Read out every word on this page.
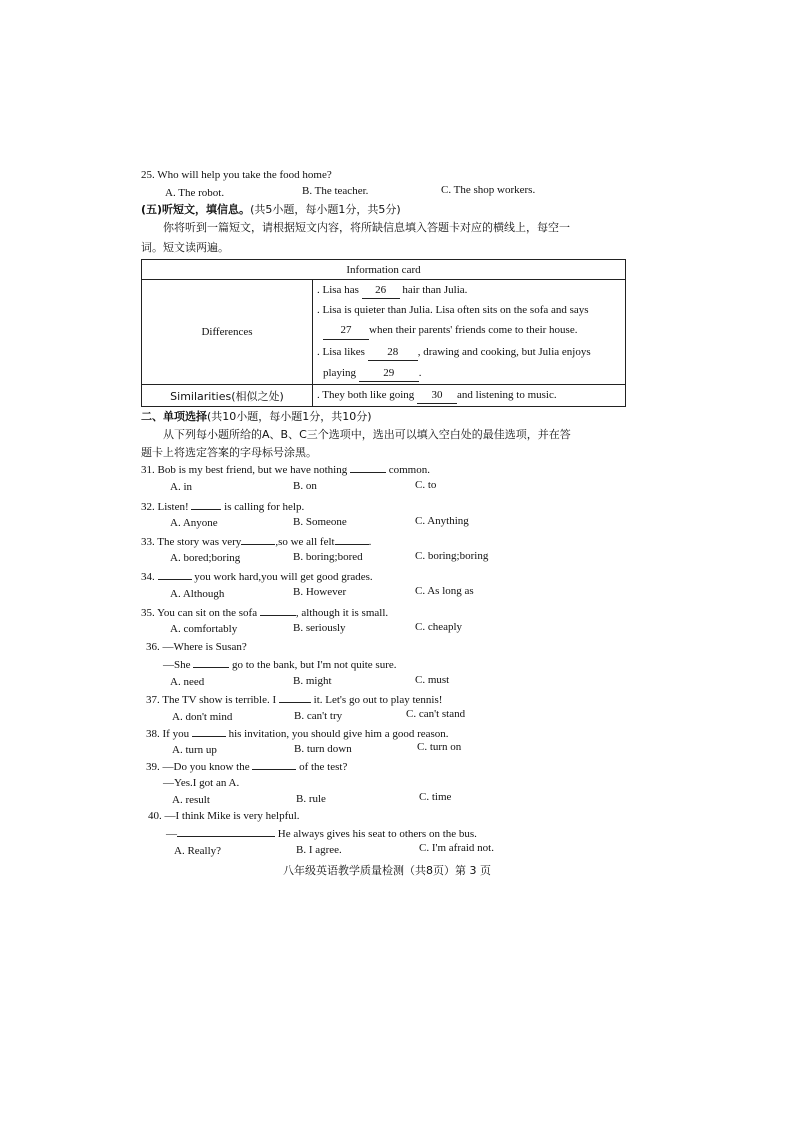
25. Who will help you take the food home?
A. The robot.	B. The teacher.	C. The shop workers.
(五)听短文，填信息。(共5小题，每小题1分，共5分)
你将听到一篇短文，请根据短文内容，将所缺信息填入答题卡对应的横线上，每空一
词。短文读两遍。
Information card	
Differences	. Lisa has 26 hair than Julia.
. Lisa is quieter than Julia. Lisa often sits on the sofa and says
27 when their parents' friends come to their house.
. Lisa likes 28 , drawing and cooking, but Julia enjoys
playing 29 .

Similarities(相似之处)	. They both like going 30 and listening to music.
二、单项选择(共10小题，每小题1分，共10分)
从下列每小题所给的A、B、C三个选项中，选出可以填入空白处的最佳选项，并在答
题卡上将选定答案的字母标号涂黑。
31. Bob is my best friend, but we have nothing	common.
A. in	B. on	C. to
32. Listen!	is calling for help.
A. Anyone	B. Someone	C. Anything
33. The story was very	,so we all felt	.
A. bored;boring	B. boring;bored	C. boring;boring
34.	you work hard,you will get good grades.
A. Although	B. However	C. As long as
35. You can sit on the sofa	, although it is small.
A. comfortably	B. seriously	C. cheaply
36. —Where is Susan?
—She	go to the bank, but I'm not quite sure.
A. need	B. might	C. must
37. The TV show is terrible. I	it. Let's go out to play tennis!
A. don't mind	B. can't try	C. can't stand
38. If you	his invitation, you should give him a good reason.
A. turn up	B. turn down	C. turn on
39. —Do you know the	of the test?
—Yes.I got an A.
A. result	B. rule	C. time
40. —I think Mike is very helpful.
—	He always gives his seat to others on the bus.
A. Really?	B. I agree.	C. I'm afraid not.
八年级英语教学质量检测（共8页）第 3 页
